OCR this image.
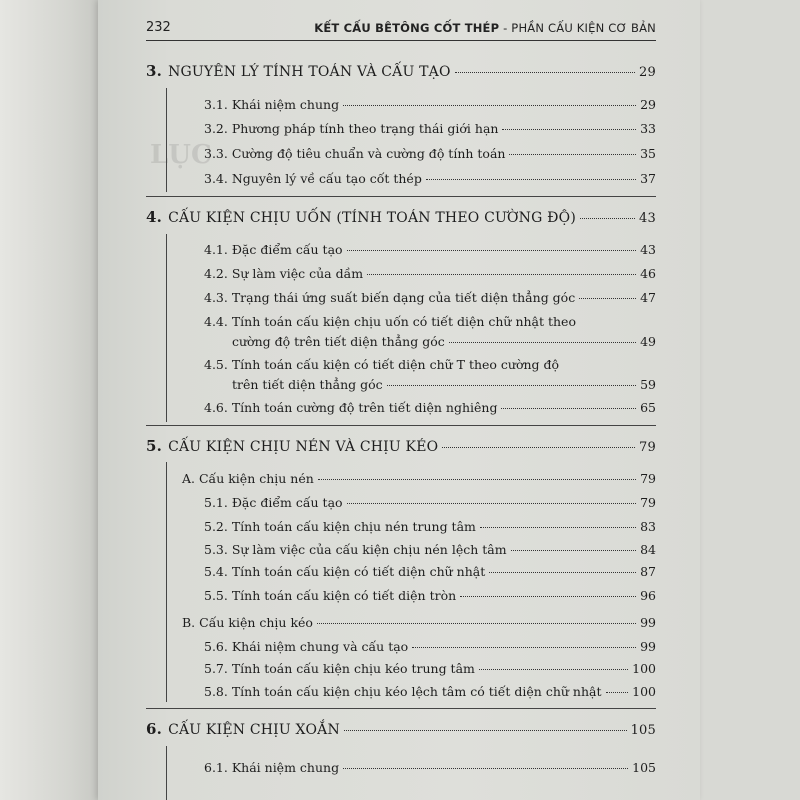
232	KẾT CẤU BÊTÔNG CỐT THÉP - PHẦN CẤU KIỆN CƠ BẢN
3. NGUYÊN LÝ TÍNH TOÁN VÀ CẤU TẠO	29
3.1. Khái niệm chung	29
3.2. Phương pháp tính theo trạng thái giới hạn	33
3.3. Cường độ tiêu chuẩn và cường độ tính toán	35
3.4. Nguyên lý về cấu tạo cốt thép	37
4. CẤU KIỆN CHỊU UỐN (TÍNH TOÁN THEO CƯỜNG ĐỘ)	43
4.1. Đặc điểm cấu tạo	43
4.2. Sự làm việc của dầm	46
4.3. Trạng thái ứng suất biến dạng của tiết diện thẳng góc	47
4.4. Tính toán cấu kiện chịu uốn có tiết diện chữ nhật theo
cường độ trên tiết diện thẳng góc	49
4.5. Tính toán cấu kiện có tiết diện chữ T theo cường độ
trên tiết diện thẳng góc	59
4.6. Tính toán cường độ trên tiết diện nghiêng	65
5. CẤU KIỆN CHỊU NÉN VÀ CHỊU KÉO	79
A. Cấu kiện chịu nén	79
5.1. Đặc điểm cấu tạo	79
5.2. Tính toán cấu kiện chịu nén trung tâm	83
5.3. Sự làm việc của cấu kiện chịu nén lệch tâm	84
5.4. Tính toán cấu kiện có tiết diện chữ nhật	87
5.5. Tính toán cấu kiện có tiết diện tròn	96
B. Cấu kiện chịu kéo	99
5.6. Khái niệm chung và cấu tạo	99
5.7. Tính toán cấu kiện chịu kéo trung tâm	100
5.8. Tính toán cấu kiện chịu kéo lệch tâm có tiết diện chữ nhật 100
6. CẤU KIỆN CHỊU XOẮN	105
6.1. Khái niệm chung	105
